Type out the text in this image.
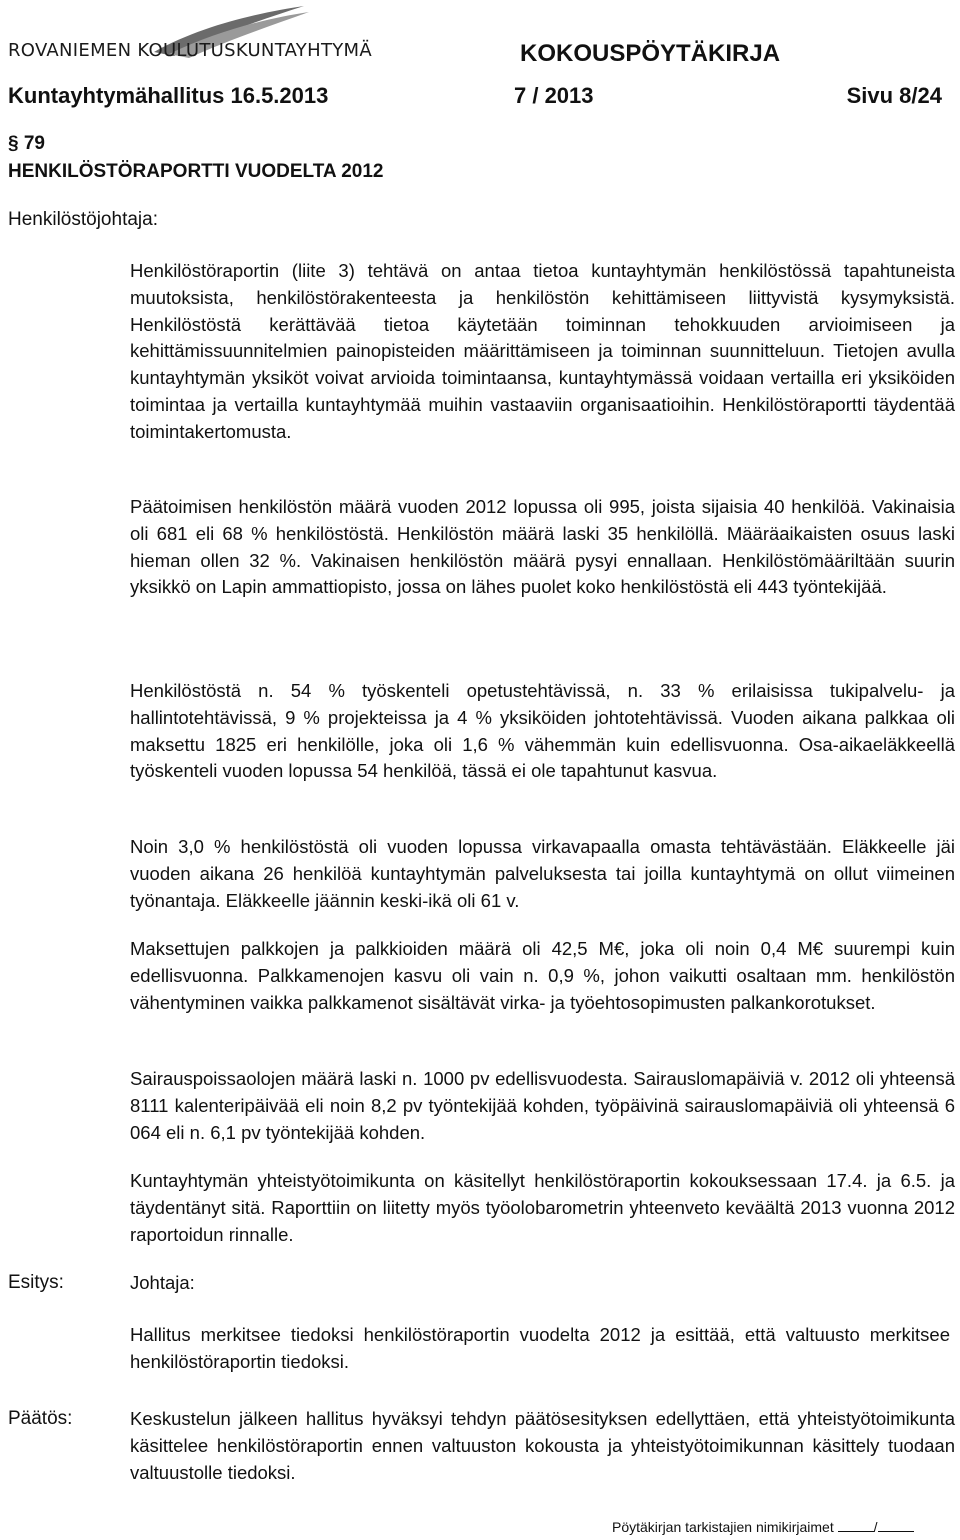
ROVANIEMEN KOULUTUSKUNTAYHTYMÄ	KOKOUSPÖYTÄKIRJA
Kuntayhtymähallitus 16.5.2013	7 / 2013	Sivu 8/24
§ 79
HENKILÖSTÖRAPORTTI VUODELTA 2012
Henkilöstöjohtaja:

Henkilöstöraportin (liite 3) tehtävä on antaa tietoa kuntayhtymän henkilöstössä tapahtuneista muutoksista, henkilöstörakenteesta ja henkilöstön kehittämiseen liittyvistä kysymyksistä. Henkilöstöstä kerättävää tietoa käytetään toiminnan tehokkuuden arvioimiseen ja kehittämissuunnitelmien painopisteiden määrittämiseen ja toiminnan suunnitteluun. Tietojen avulla kuntayhtymän yksiköt voivat arvioida toimintaansa, kuntayhtymässä voidaan vertailla eri yksiköiden toimintaa ja vertailla kuntayhtymää muihin vastaaviin organisaatioihin. Henkilöstöraportti täydentää toimintakertomusta.

Päätoimisen henkilöstön määrä vuoden 2012 lopussa oli 995, joista sijaisia 40 henkilöä. Vakinaisia oli 681 eli 68 % henkilöstöstä. Henkilöstön määrä laski 35 henkilöllä. Määräaikaisten osuus laski hieman ollen 32 %. Vakinaisen henkilöstön määrä pysyi ennallaan. Henkilöstömääriltään suurin yksikkö on Lapin ammattiopisto, jossa on lähes puolet koko henkilöstöstä eli 443 työntekijää.

Henkilöstöstä n. 54 % työskenteli opetustehtävissä, n. 33 % erilaisissa tukipalvelu- ja hallintotehtävissä, 9 % projekteissa ja 4 % yksiköiden johtotehtävissä. Vuoden aikana palkkaa oli maksettu 1825 eri henkilölle, joka oli 1,6 % vähemmän kuin edellisvuonna. Osa-aikaeläkkeellä työskenteli vuoden lopussa 54 henkilöä, tässä ei ole tapahtunut kasvua.

Noin 3,0 % henkilöstöstä oli vuoden lopussa virkavapaalla omasta tehtävästään. Eläkkeelle jäi vuoden aikana 26 henkilöä kuntayhtymän palveluksesta tai joilla kuntayhtymä on ollut viimeinen työnantaja. Eläkkeelle jäännin keski-ikä oli 61 v.

Maksettujen palkkojen ja palkkioiden määrä oli 42,5 M€, joka oli noin 0,4 M€ suurempi kuin edellisvuonna. Palkkamenojen kasvu oli vain n. 0,9 %, johon vaikutti osaltaan mm. henkilöstön vähentyminen vaikka palkkamenot sisältävät virka- ja työehtosopimusten palkankorotukset.

Sairauspoissaolojen määrä laski n. 1000 pv edellisvuodesta. Sairauslomapäiviä v. 2012 oli yhteensä 8111 kalenteripäivää eli noin 8,2 pv työntekijää kohden, työpäivinä sairauslomapäiviä oli yhteensä 6 064 eli n. 6,1 pv työntekijää kohden.

Kuntayhtymän yhteistyötoimikunta on käsitellyt henkilöstöraportin kokouksessaan 17.4. ja 6.5. ja täydentänyt sitä. Raporttiin on liitetty myös työolobarometrin yhteenveto keväältä 2013 vuonna 2012 raportoidun rinnalle.

Esitys:	Johtaja:

Hallitus merkitsee tiedoksi henkilöstöraportin vuodelta 2012 ja esittää, että valtuusto merkitsee henkilöstöraportin tiedoksi.

Päätös:	Keskustelun jälkeen hallitus hyväksyi tehdyn päätösesityksen edellyttäen, että yhteistyötoimikunta käsittelee henkilöstöraportin ennen valtuuston kokousta ja yhteistyötoimikunnan käsittely tuodaan valtuustolle tiedoksi.

Pöytäkirjan tarkistajien nimikirjaimet	/
